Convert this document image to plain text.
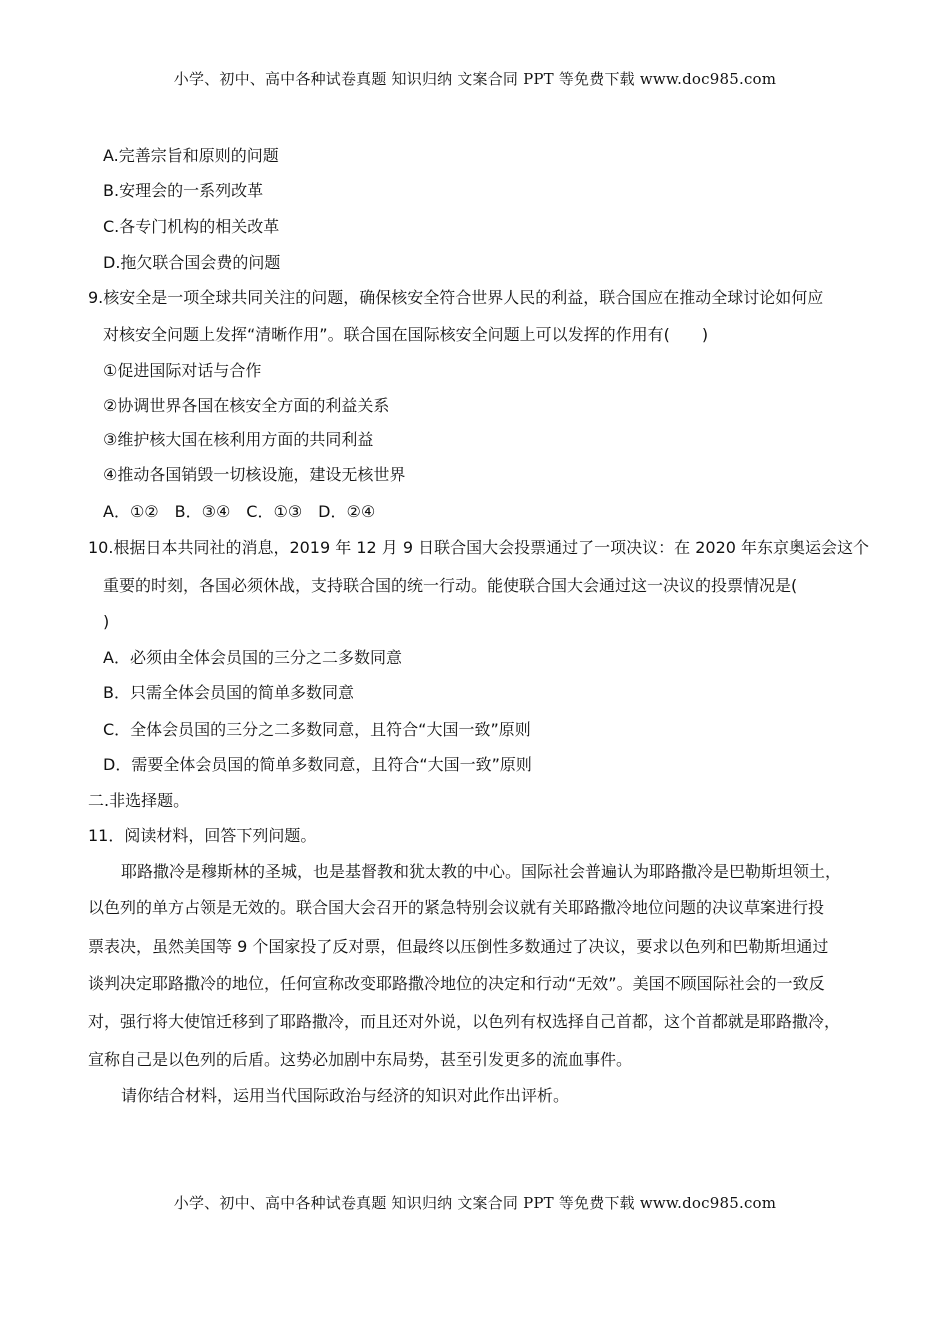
小学、初中、高中各种试卷真题 知识归纳 文案合同 PPT 等免费下载 www.doc985.com
A.完善宗旨和原则的问题
B.安理会的一系列改革
C.各专门机构的相关改革
D.拖欠联合国会费的问题
9.核安全是一项全球共同关注的问题，确保核安全符合世界人民的利益，联合国应在推动全球讨论如何应
对核安全问题上发挥“清晰作用”。联合国在国际核安全问题上可以发挥的作用有(　　)
①促进国际对话与合作
②协调世界各国在核安全方面的利益关系
③维护核大国在核利用方面的共同利益
④推动各国销毁一切核设施，建设无核世界
A．①②　B．③④　C．①③　D．②④
10.根据日本共同社的消息，2019 年 12 月 9 日联合国大会投票通过了一项决议：在 2020 年东京奥运会这个
重要的时刻，各国必须休战，支持联合国的统一行动。能使联合国大会通过这一决议的投票情况是(
)
A．必须由全体会员国的三分之二多数同意
B．只需全体会员国的简单多数同意
C．全体会员国的三分之二多数同意，且符合“大国一致”原则
D．需要全体会员国的简单多数同意，且符合“大国一致”原则
二.非选择题。
11．阅读材料，回答下列问题。
耶路撒冷是穆斯林的圣城，也是基督教和犹太教的中心。国际社会普遍认为耶路撒冷是巴勒斯坦领土，
以色列的单方占领是无效的。联合国大会召开的紧急特别会议就有关耶路撒冷地位问题的决议草案进行投
票表决，虽然美国等 9 个国家投了反对票，但最终以压倒性多数通过了决议，要求以色列和巴勒斯坦通过
谈判决定耶路撒冷的地位，任何宣称改变耶路撒冷地位的决定和行动“无效”。美国不顾国际社会的一致反
对，强行将大使馆迁移到了耶路撒冷，而且还对外说，以色列有权选择自己首都，这个首都就是耶路撒冷，
宣称自己是以色列的后盾。这势必加剧中东局势，甚至引发更多的流血事件。
请你结合材料，运用当代国际政治与经济的知识对此作出评析。
小学、初中、高中各种试卷真题 知识归纳 文案合同 PPT 等免费下载 www.doc985.com
